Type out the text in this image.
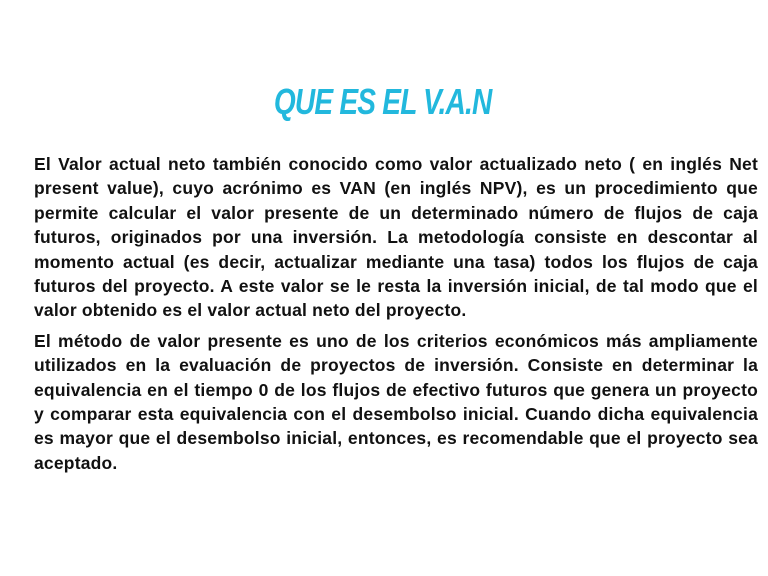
QUE ES EL V.A.N

El Valor actual neto también conocido como valor actualizado neto ( en inglés Net present value), cuyo acrónimo es VAN (en inglés NPV), es un procedimiento que permite calcular el valor presente de un determinado número de flujos de caja futuros, originados por una inversión. La metodología consiste en descontar al momento actual (es decir, actualizar mediante una tasa) todos los flujos de caja futuros del proyecto. A este valor se le resta la inversión inicial, de tal modo que el valor obtenido es el valor actual neto del proyecto.

El método de valor presente es uno de los criterios económicos más ampliamente utilizados en la evaluación de proyectos de inversión. Consiste en determinar la equivalencia en el tiempo 0 de los flujos de efectivo futuros que genera un proyecto y comparar esta equivalencia con el desembolso inicial. Cuando dicha equivalencia es mayor que el desembolso inicial, entonces, es recomendable que el proyecto sea aceptado.
